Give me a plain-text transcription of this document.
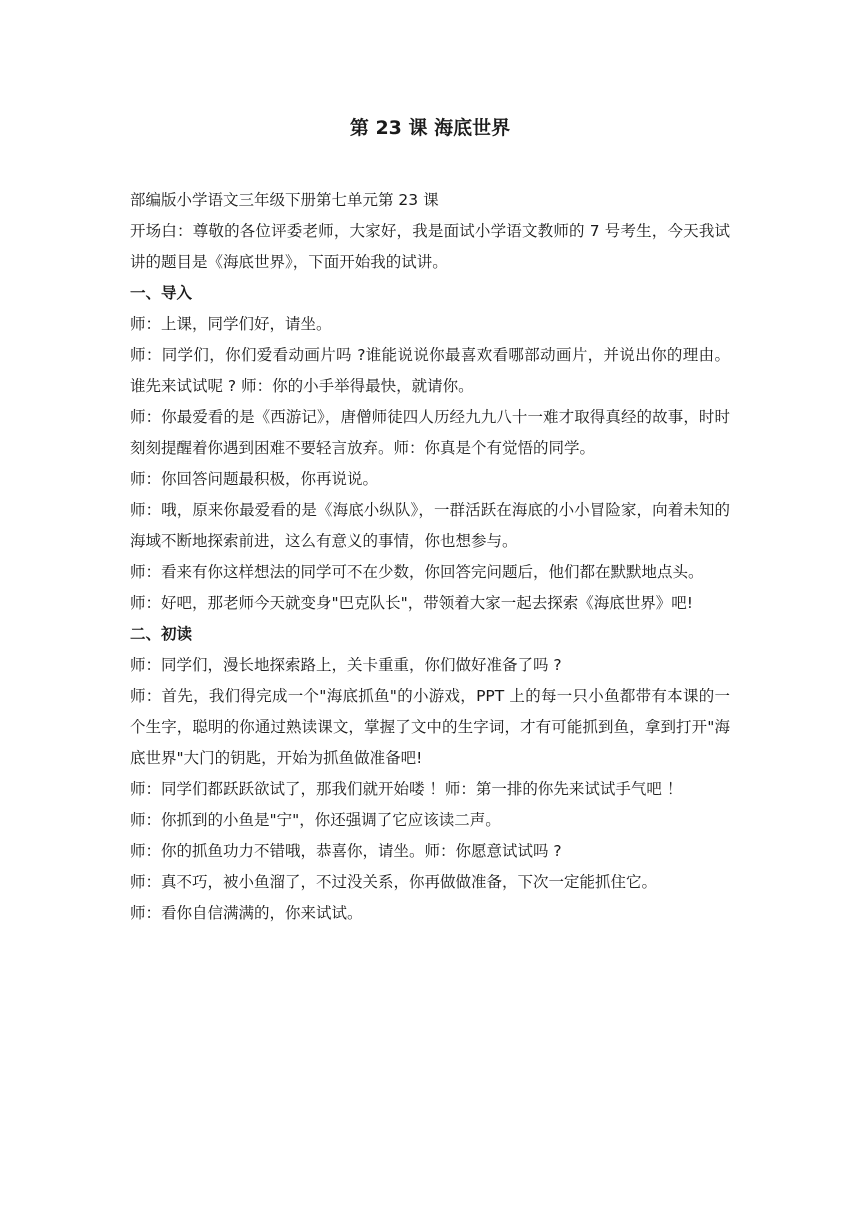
第 23 课 海底世界

部编版小学语文三年级下册第七单元第 23 课

开场白：尊敬的各位评委老师，大家好，我是面试小学语文教师的 7 号考生，今天我试讲的题目是《海底世界》，下面开始我的试讲。

一、导入

师：上课，同学们好，请坐。

师：同学们，你们爱看动画片吗 ?谁能说说你最喜欢看哪部动画片，并说出你的理由。谁先来试试呢 ? 师：你的小手举得最快，就请你。

师：你最爱看的是《西游记》，唐僧师徒四人历经九九八十一难才取得真经的故事，时时刻刻提醒着你遇到困难不要轻言放弃。师：你真是个有觉悟的同学。

师：你回答问题最积极，你再说说。

师：哦，原来你最爱看的是《海底小纵队》，一群活跃在海底的小小冒险家，向着未知的海域不断地探索前进，这么有意义的事情，你也想参与。

师：看来有你这样想法的同学可不在少数，你回答完问题后，他们都在默默地点头。

师：好吧，那老师今天就变身"巴克队长"，带领着大家一起去探索《海底世界》吧!

二、初读

师：同学们，漫长地探索路上，关卡重重，你们做好准备了吗 ?

师：首先，我们得完成一个"海底抓鱼"的小游戏，PPT 上的每一只小鱼都带有本课的一个生字，聪明的你通过熟读课文，掌握了文中的生字词，才有可能抓到鱼，拿到打开"海底世界"大门的钥匙，开始为抓鱼做准备吧!

师：同学们都跃跃欲试了，那我们就开始喽 ！师：第一排的你先来试试手气吧 ！

师：你抓到的小鱼是"宁"，你还强调了它应该读二声。

师：你的抓鱼功力不错哦，恭喜你，请坐。师：你愿意试试吗 ?

师：真不巧，被小鱼溜了，不过没关系，你再做做准备，下次一定能抓住它。

师：看你自信满满的，你来试试。
